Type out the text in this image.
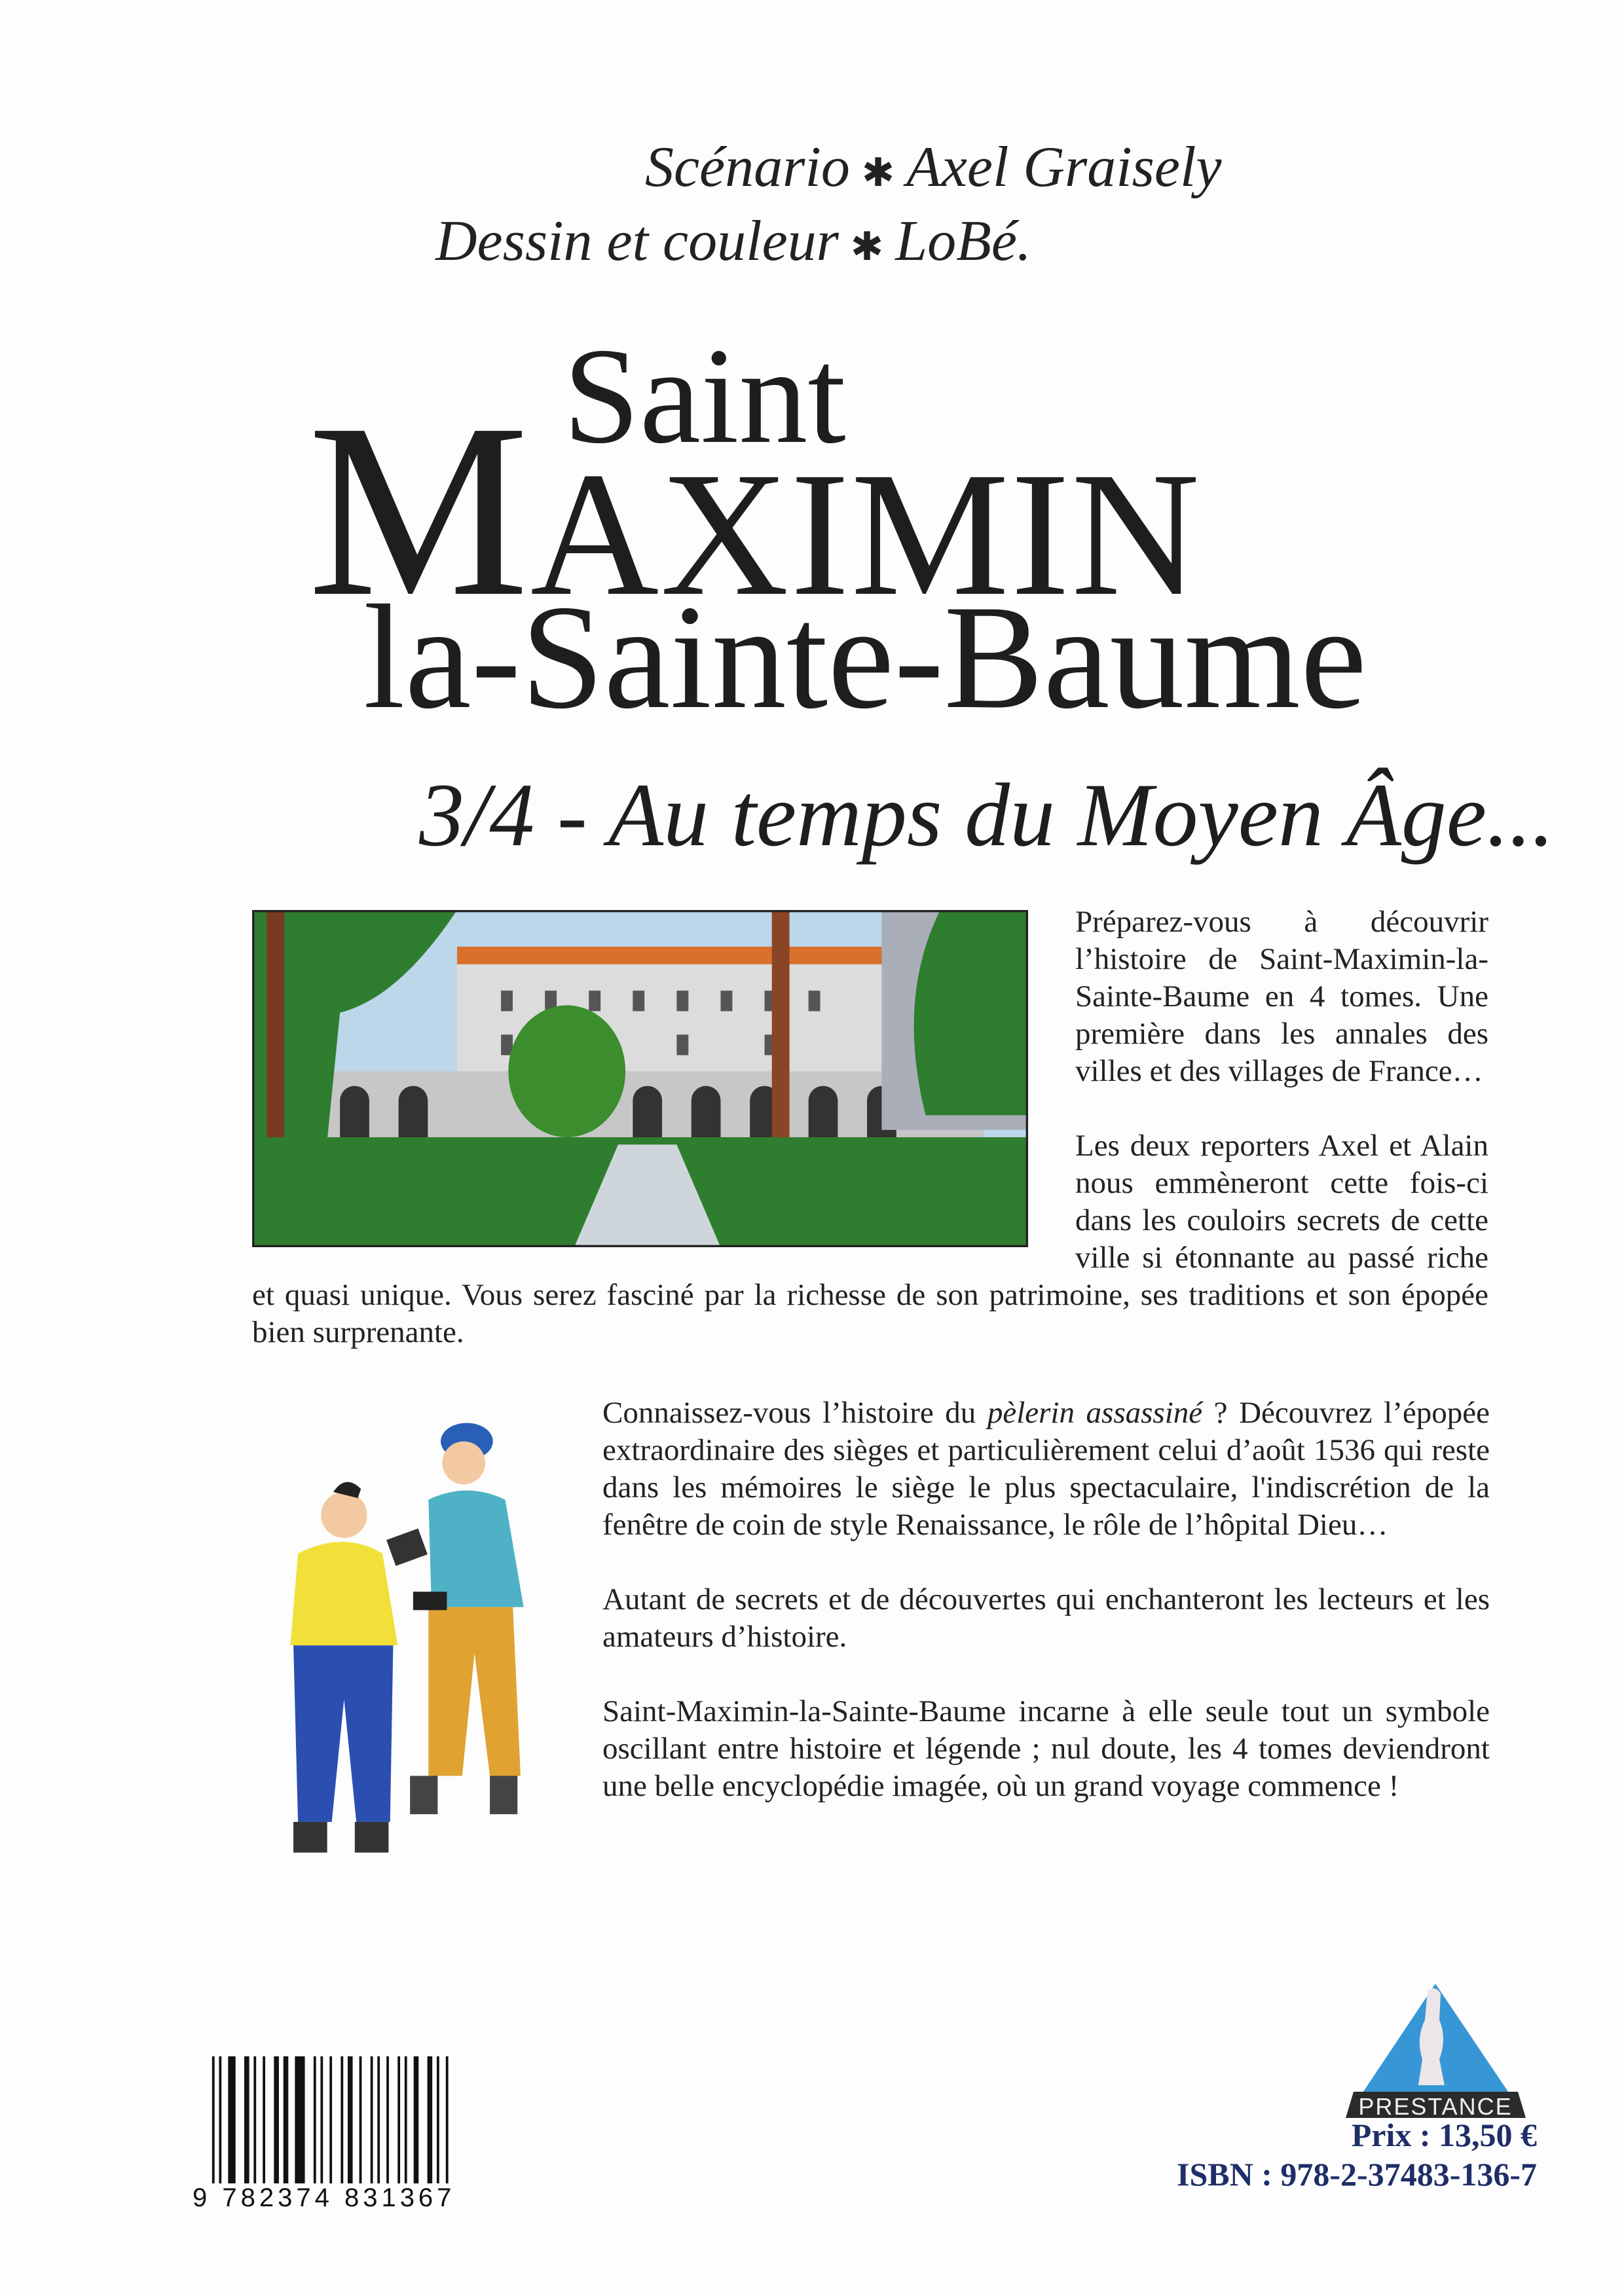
Scénario ✱ Axel Graisely
Dessin et couleur ✱ LoBé.
Saint
MAXIMIN
la-Sainte-Baume
3/4 - Au temps du Moyen Âge...

Préparez-vous à découvrir l’histoire de Saint-Maximin-la-Sainte-Baume en 4 tomes. Une première dans les annales des villes et des villages de France…

Les deux reporters Axel et Alain nous emmèneront cette fois-ci dans les couloirs secrets de cette ville si étonnante au passé riche et quasi unique. Vous serez fasciné par la richesse de son patrimoine, ses traditions et son épopée bien surprenante.

Connaissez-vous l’histoire du pèlerin assassiné ? Découvrez l’épopée extraordinaire des sièges et particulièrement celui d’août 1536 qui reste dans les mémoires le siège le plus spectaculaire, l'indiscrétion de la fenêtre de coin de style Renaissance, le rôle de l’hôpital Dieu…

Autant de secrets et de découvertes qui enchanteront les lecteurs et les amateurs d’histoire.

Saint-Maximin-la-Sainte-Baume incarne à elle seule tout un symbole oscillant entre histoire et légende ; nul doute, les 4 tomes deviendront une belle encyclopédie imagée, où un grand voyage commence !

9 782374 831367
PRESTANCE
Prix : 13,50 €
ISBN : 978-2-37483-136-7
